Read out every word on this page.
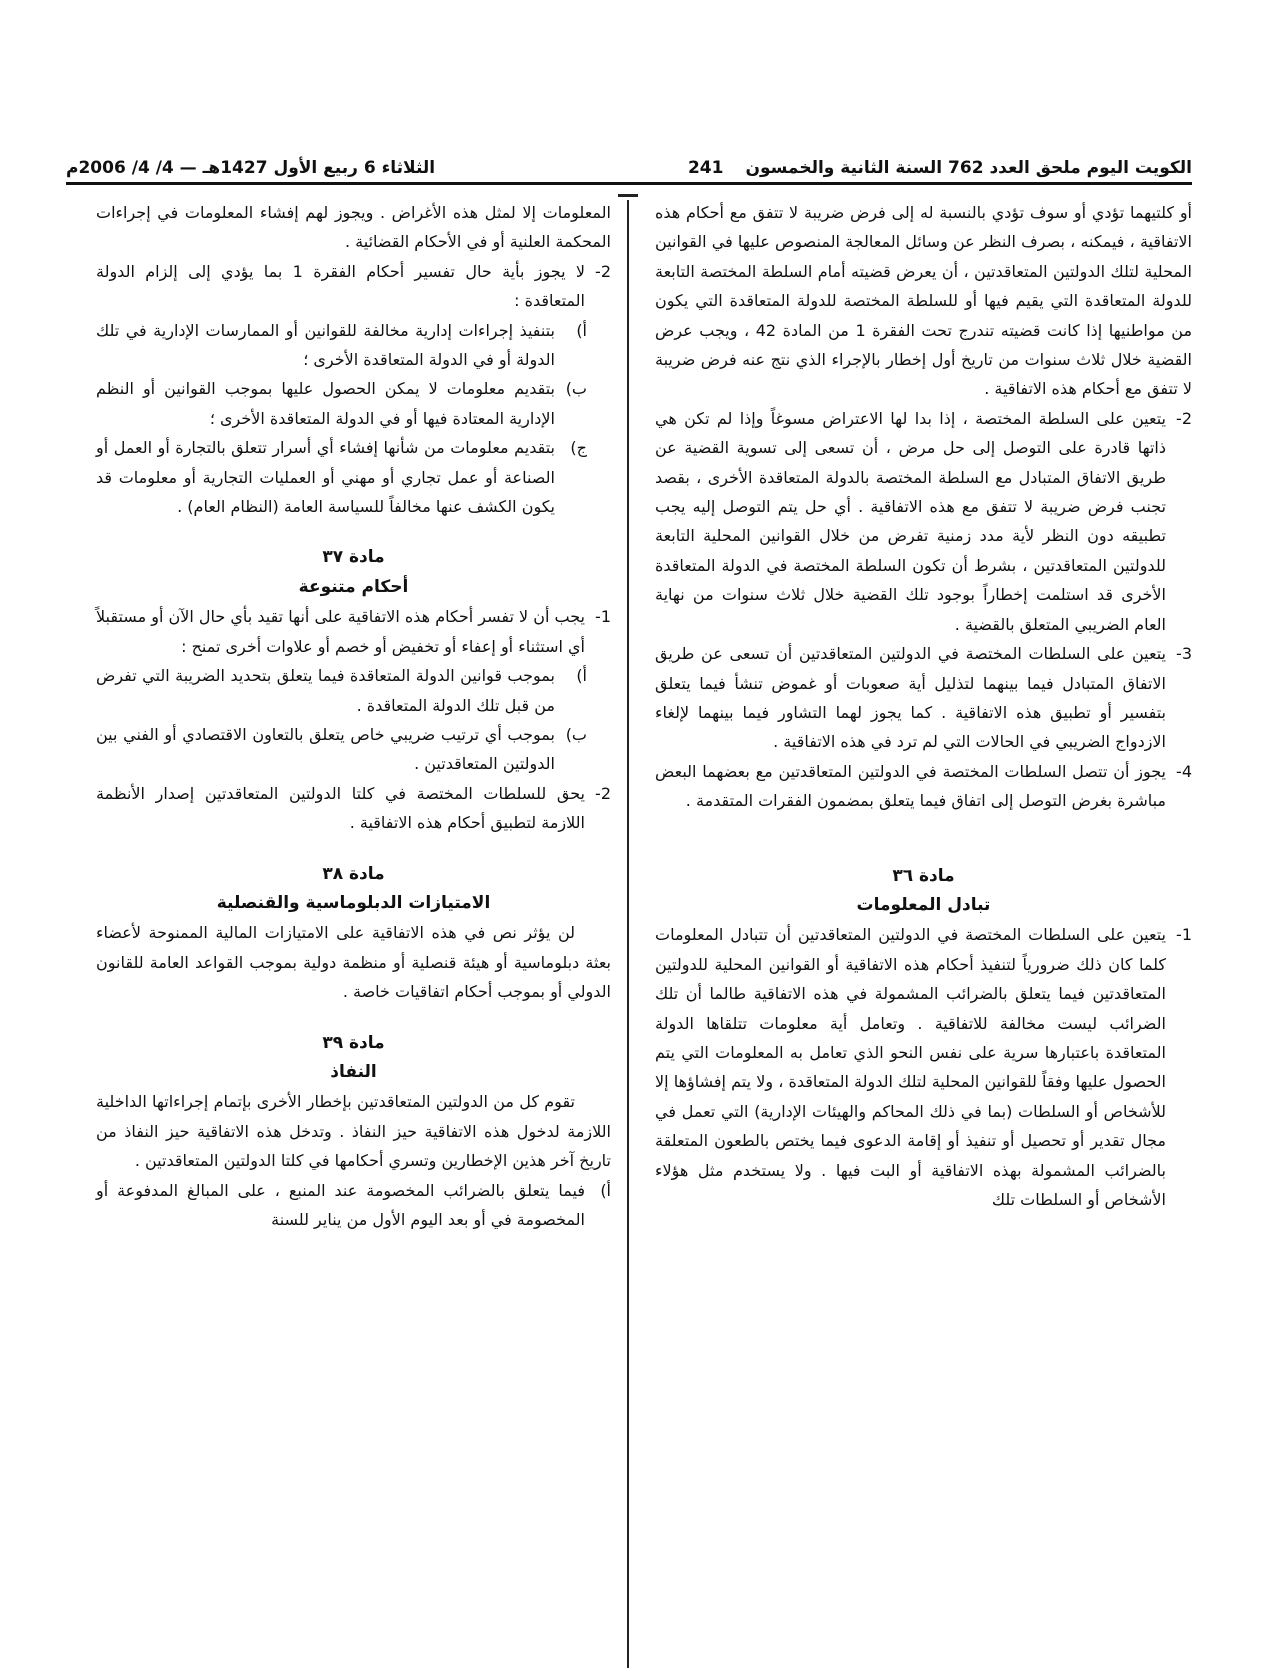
الكويت اليوم ملحق العدد 762 السنة الثانية والخمسون241
الثلاثاء 6 ربيع الأول 1427هـ — 4/ 4/ 2006م

أو كلتيهما تؤدي أو سوف تؤدي بالنسبة له إلى فرض ضريبة لا تتفق مع أحكام هذه الاتفاقية ، فيمكنه ، بصرف النظر عن وسائل المعالجة المنصوص عليها في القوانين المحلية لتلك الدولتين المتعاقدتين ، أن يعرض قضيته أمام السلطة المختصة التابعة للدولة المتعاقدة التي يقيم فيها أو للسلطة المختصة للدولة المتعاقدة التي يكون من مواطنيها إذا كانت قضيته تندرج تحت الفقرة 1 من المادة 42 ، ويجب عرض القضية خلال ثلاث سنوات من تاريخ أول إخطار بالإجراء الذي نتج عنه فرض ضريبة لا تتفق مع أحكام هذه الاتفاقية .

2-
يتعين على السلطة المختصة ، إذا بدا لها الاعتراض مسوغاً وإذا لم تكن هي ذاتها قادرة على التوصل إلى حل مرض ، أن تسعى إلى تسوية القضية عن طريق الاتفاق المتبادل مع السلطة المختصة بالدولة المتعاقدة الأخرى ، بقصد تجنب فرض ضريبة لا تتفق مع هذه الاتفاقية . أي حل يتم التوصل إليه يجب تطبيقه دون النظر لأية مدد زمنية تفرض من خلال القوانين المحلية التابعة للدولتين المتعاقدتين ، بشرط أن تكون السلطة المختصة في الدولة المتعاقدة الأخرى قد استلمت إخطاراً بوجود تلك القضية خلال ثلاث سنوات من نهاية العام الضريبي المتعلق بالقضية .

3-
يتعين على السلطات المختصة في الدولتين المتعاقدتين أن تسعى عن طريق الاتفاق المتبادل فيما بينهما لتذليل أية صعوبات أو غموض تنشأ فيما يتعلق بتفسير أو تطبيق هذه الاتفاقية . كما يجوز لهما التشاور فيما بينهما لإلغاء الازدواج الضريبي في الحالات التي لم ترد في هذه الاتفاقية .

4-
يجوز أن تتصل السلطات المختصة في الدولتين المتعاقدتين مع بعضهما البعض مباشرة بغرض التوصل إلى اتفاق فيما يتعلق بمضمون الفقرات المتقدمة .

مادة ٣٦

تبادل المعلومات

1-
يتعين على السلطات المختصة في الدولتين المتعاقدتين أن تتبادل المعلومات كلما كان ذلك ضرورياً لتنفيذ أحكام هذه الاتفاقية أو القوانين المحلية للدولتين المتعاقدتين فيما يتعلق بالضرائب المشمولة في هذه الاتفاقية طالما أن تلك الضرائب ليست مخالفة للاتفاقية . وتعامل أية معلومات تتلقاها الدولة المتعاقدة باعتبارها سرية على نفس النحو الذي تعامل به المعلومات التي يتم الحصول عليها وفقاً للقوانين المحلية لتلك الدولة المتعاقدة ، ولا يتم إفشاؤها إلا للأشخاص أو السلطات (بما في ذلك المحاكم والهيئات الإدارية) التي تعمل في مجال تقدير أو تحصيل أو تنفيذ أو إقامة الدعوى فيما يختص بالطعون المتعلقة بالضرائب المشمولة بهذه الاتفاقية أو البت فيها . ولا يستخدم مثل هؤلاء الأشخاص أو السلطات تلك

المعلومات إلا لمثل هذه الأغراض . ويجوز لهم إفشاء المعلومات في إجراءات المحكمة العلنية أو في الأحكام القضائية .

2-
لا يجوز بأية حال تفسير أحكام الفقرة 1 بما يؤدي إلى إلزام الدولة المتعاقدة :

أ)
بتنفيذ إجراءات إدارية مخالفة للقوانين أو الممارسات الإدارية في تلك الدولة أو في الدولة المتعاقدة الأخرى ؛

ب)
بتقديم معلومات لا يمكن الحصول عليها بموجب القوانين أو النظم الإدارية المعتادة فيها أو في الدولة المتعاقدة الأخرى ؛

ج)
بتقديم معلومات من شأنها إفشاء أي أسرار تتعلق بالتجارة أو العمل أو الصناعة أو عمل تجاري أو مهني أو العمليات التجارية أو معلومات قد يكون الكشف عنها مخالفاً للسياسة العامة (النظام العام) .

مادة ٣٧

أحكام متنوعة

1-
يجب أن لا تفسر أحكام هذه الاتفاقية على أنها تقيد بأي حال الآن أو مستقبلاً أي استثناء أو إعفاء أو تخفيض أو خصم أو علاوات أخرى تمنح :

أ)
بموجب قوانين الدولة المتعاقدة فيما يتعلق بتحديد الضريبة التي تفرض من قبل تلك الدولة المتعاقدة .

ب)
بموجب أي ترتيب ضريبي خاص يتعلق بالتعاون الاقتصادي أو الفني بين الدولتين المتعاقدتين .

2-
يحق للسلطات المختصة في كلتا الدولتين المتعاقدتين إصدار الأنظمة اللازمة لتطبيق أحكام هذه الاتفاقية .

مادة ٣٨

الامتيازات الدبلوماسية والقنصلية

لن يؤثر نص في هذه الاتفاقية على الامتيازات المالية الممنوحة لأعضاء بعثة دبلوماسية أو هيئة قنصلية أو منظمة دولية بموجب القواعد العامة للقانون الدولي أو بموجب أحكام اتفاقيات خاصة .

مادة ٣٩

النفاذ

تقوم كل من الدولتين المتعاقدتين بإخطار الأخرى بإتمام إجراءاتها الداخلية اللازمة لدخول هذه الاتفاقية حيز النفاذ . وتدخل هذه الاتفاقية حيز النفاذ من تاريخ آخر هذين الإخطارين وتسري أحكامها في كلتا الدولتين المتعاقدتين .

أ)
فيما يتعلق بالضرائب المخصومة عند المنبع ، على المبالغ المدفوعة أو المخصومة في أو بعد اليوم الأول من يناير للسنة
